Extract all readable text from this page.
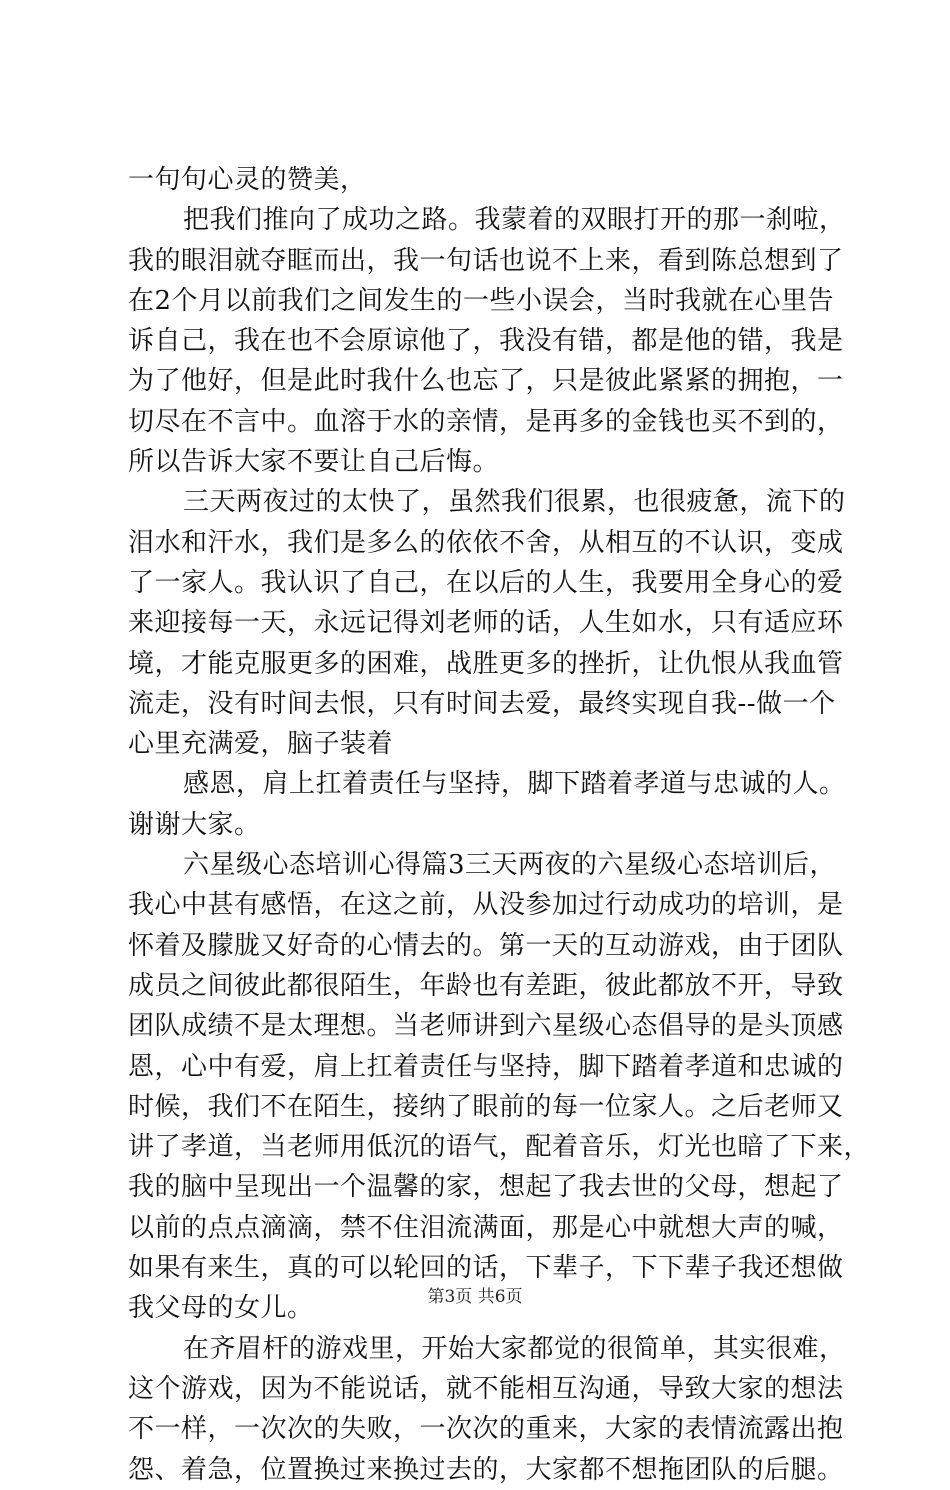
一句句心灵的赞美，
把我们推向了成功之路。我蒙着的双眼打开的那一刹啦，
我的眼泪就夺眶而出，我一句话也说不上来，看到陈总想到了
在2个月以前我们之间发生的一些小误会，当时我就在心里告
诉自己，我在也不会原谅他了，我没有错，都是他的错，我是
为了他好，但是此时我什么也忘了，只是彼此紧紧的拥抱，一
切尽在不言中。血溶于水的亲情，是再多的金钱也买不到的，
所以告诉大家不要让自己后悔。
三天两夜过的太快了，虽然我们很累，也很疲惫，流下的
泪水和汗水，我们是多么的依依不舍，从相互的不认识，变成
了一家人。我认识了自己，在以后的人生，我要用全身心的爱
来迎接每一天，永远记得刘老师的话，人生如水，只有适应环
境，才能克服更多的困难，战胜更多的挫折，让仇恨从我血管
流走，没有时间去恨，只有时间去爱，最终实现自我--做一个
心里充满爱，脑子装着
感恩，肩上扛着责任与坚持，脚下踏着孝道与忠诚的人。
谢谢大家。
六星级心态培训心得篇3三天两夜的六星级心态培训后，
我心中甚有感悟，在这之前，从没参加过行动成功的培训，是
怀着及朦胧又好奇的心情去的。第一天的互动游戏，由于团队
成员之间彼此都很陌生，年龄也有差距，彼此都放不开，导致
团队成绩不是太理想。当老师讲到六星级心态倡导的是头顶感
恩，心中有爱，肩上扛着责任与坚持，脚下踏着孝道和忠诚的
时候，我们不在陌生，接纳了眼前的每一位家人。之后老师又
讲了孝道，当老师用低沉的语气，配着音乐，灯光也暗了下来，
我的脑中呈现出一个温馨的家，想起了我去世的父母，想起了
以前的点点滴滴，禁不住泪流满面，那是心中就想大声的喊，
如果有来生，真的可以轮回的话，下辈子，下下辈子我还想做
我父母的女儿。
在齐眉杆的游戏里，开始大家都觉的很简单，其实很难，
这个游戏，因为不能说话，就不能相互沟通，导致大家的想法
不一样，一次次的失败，一次次的重来，大家的表情流露出抱
怨、着急，位置换过来换过去的，大家都不想拖团队的后腿。
第3页 共6页
